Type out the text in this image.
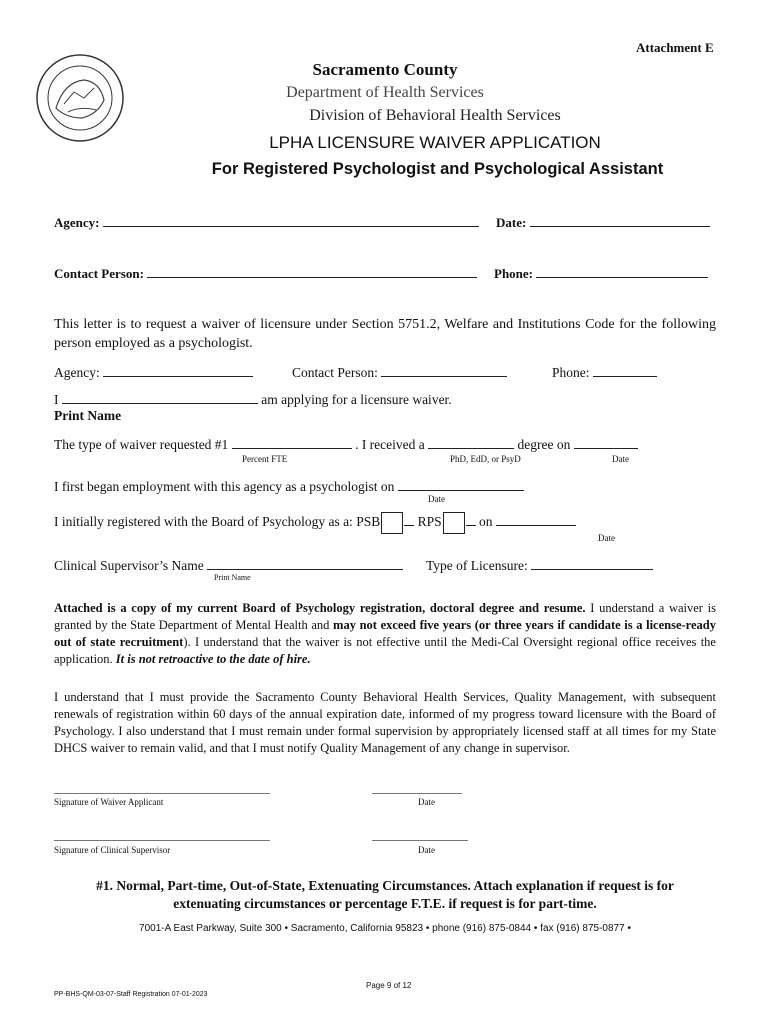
Attachment E
Sacramento County
Department of Health Services
Division of Behavioral Health Services
LPHA LICENSURE WAIVER APPLICATION
For Registered Psychologist and Psychological Assistant
Agency:	Date:
Contact Person:	Phone:
This letter is to request a waiver of licensure under Section 5751.2, Welfare and Institutions Code for the following person employed as a psychologist.
Agency:	Contact Person:	Phone:
I	am applying for a licensure waiver.
Print Name
The type of waiver requested #1	. I received a	degree on
Percent FTE	PhD, EdD, or PsyD	Date
I first began employment with this agency as a psychologist on
Date
I initially registered with the Board of Psychology as a: PSB	RPS	on
Date
Clinical Supervisor’s Name	Type of Licensure:
Print Name
Attached is a copy of my current Board of Psychology registration, doctoral degree and resume. I understand a waiver is granted by the State Department of Mental Health and may not exceed five years (or three years if candidate is a license-ready out of state recruitment). I understand that the waiver is not effective until the Medi-Cal Oversight regional office receives the application. It is not retroactive to the date of hire.
I understand that I must provide the Sacramento County Behavioral Health Services, Quality Management, with subsequent renewals of registration within 60 days of the annual expiration date, informed of my progress toward licensure with the Board of Psychology. I also understand that I must remain under formal supervision by appropriately licensed staff at all times for my State DHCS waiver to remain valid, and that I must notify Quality Management of any change in supervisor.
Signature of Waiver Applicant	Date
Signature of Clinical Supervisor	Date
#1. Normal, Part-time, Out-of-State, Extenuating Circumstances. Attach explanation if request is for
extenuating circumstances or percentage F.T.E. if request is for part-time.
7001-A East Parkway, Suite 300 • Sacramento, California 95823 • phone (916) 875-0844 • fax (916) 875-0877 •
Page 9 of 12
PP-BHS-QM-03-07-Staff Registration 07-01-2023
